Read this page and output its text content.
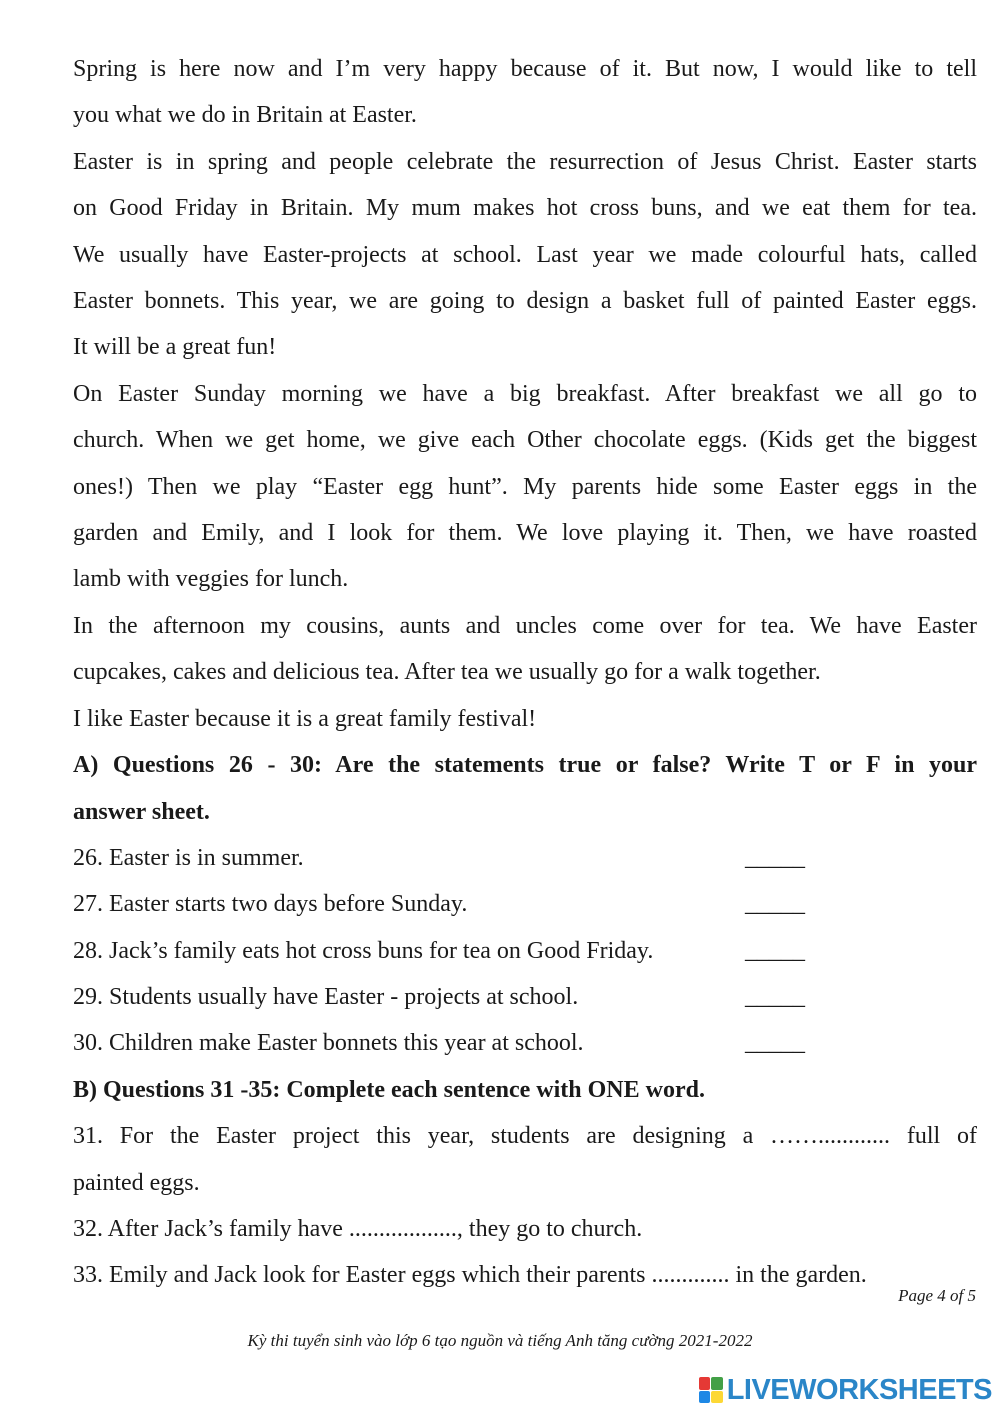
Spring is here now and I’m very happy because of it. But now, I would like to tell
you what we do in Britain at Easter.

Easter is in spring and people celebrate the resurrection of Jesus Christ. Easter starts
on Good Friday in Britain. My mum makes hot cross buns, and we eat them for tea.
We usually have Easter-projects at school. Last year we made colourful hats, called
Easter bonnets. This year, we are going to design a basket full of painted Easter eggs.
It will be a great fun!

On Easter Sunday morning we have a big breakfast. After breakfast we all go to
church. When we get home, we give each Other chocolate eggs. (Kids get the biggest
ones!) Then we play “Easter egg hunt”. My parents hide some Easter eggs in the
garden and Emily, and I look for them. We love playing it. Then, we have roasted
lamb with veggies for lunch.

In the afternoon my cousins, aunts and uncles come over for tea. We have Easter
cupcakes, cakes and delicious tea. After tea we usually go for a walk together.

I like Easter because it is a great family festival!

A) Questions 26 - 30: Are the statements true or false? Write T or F in your
answer sheet.

26. Easter is in summer.	_____
27. Easter starts two days before Sunday.	_____
28. Jack’s family eats hot cross buns for tea on Good Friday.	_____
29. Students usually have Easter - projects at school.	_____
30. Children make Easter bonnets this year at school.	_____

B) Questions 31 -35: Complete each sentence with ONE word.

31. For the Easter project this year, students are designing a ……............ full of
painted eggs.

32. After Jack’s family have .................., they go to church.

33. Emily and Jack look for Easter eggs which their parents ............. in the garden.

Page 4 of 5
Kỳ thi tuyển sinh vào lớp 6 tạo nguồn và tiếng Anh tăng cường 2021-2022
LIVEWORKSHEETS
